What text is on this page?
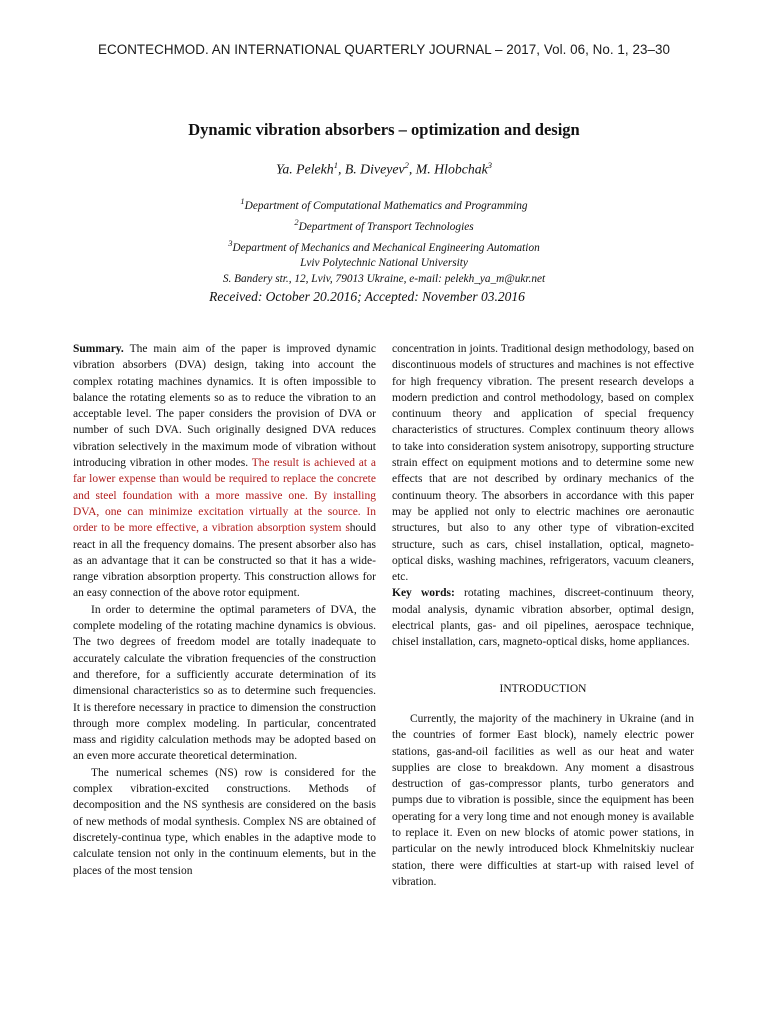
ECONTECHMOD. AN INTERNATIONAL QUARTERLY JOURNAL – 2017, Vol. 06, No. 1, 23–30
Dynamic vibration absorbers – optimization and design
Ya. Pelekh$^1$, B. Diveyev$^2$, M. Hlobchak$^3$
$^1$Department of Computational Mathematics and Programming
$^2$Department of Transport Technologies
$^3$Department of Mechanics and Mechanical Engineering Automation
Lviv Polytechnic National University
S. Bandery str., 12, Lviv, 79013 Ukraine, e-mail: pelekh_ya_m@ukr.net
Received: October 20.2016; Accepted: November 03.2016

Summary. The main aim of the paper is improved dynamic vibration absorbers (DVA) design, taking into account the complex rotating machines dynamics. It is often impossible to balance the rotating elements so as to reduce the vibration to an acceptable level. The paper considers the provision of DVA or number of such DVA. Such originally designed DVA reduces vibration selectively in the maximum mode of vibration without introducing vibration in other modes. The result is achieved at a far lower expense than would be required to replace the concrete and steel foundation with a more massive one. By installing DVA, one can minimize excitation virtually at the source. In order to be more effective, a vibration absorption system should react in all the frequency domains. The present absorber also has as an advantage that it can be constructed so that it has a wide-range vibration absorption property. This construction allows for an easy connection of the above rotor equipment.

In order to determine the optimal parameters of DVA, the complete modeling of the rotating machine dynamics is obvious. The two degrees of freedom model are totally inadequate to accurately calculate the vibration frequencies of the construction and therefore, for a sufficiently accurate determination of its dimensional characteristics so as to determine such frequencies. It is therefore necessary in practice to dimension the construction through more complex modeling. In particular, concentrated mass and rigidity calculation methods may be adopted based on an even more accurate theoretical determination.

The numerical schemes (NS) row is considered for the complex vibration-excited constructions. Methods of decomposition and the NS synthesis are considered on the basis of new methods of modal synthesis. Complex NS are obtained of discretely-continua type, which enables in the adaptive mode to calculate tension not only in the continuum elements, but in the places of the most tension

concentration in joints. Traditional design methodology, based on discontinuous models of structures and machines is not effective for high frequency vibration. The present research develops a modern prediction and control methodology, based on complex continuum theory and application of special frequency characteristics of structures. Complex continuum theory allows to take into consideration system anisotropy, supporting structure strain effect on equipment motions and to determine some new effects that are not described by ordinary mechanics of the continuum theory. The absorbers in accordance with this paper may be applied not only to electric machines ore aeronautic structures, but also to any other type of vibration-excited structure, such as cars, chisel installation, optical, magneto-optical disks, washing machines, refrigerators, vacuum cleaners, etc.

Key words: rotating machines, discreet-continuum theory, modal analysis, dynamic vibration absorber, optimal design, electrical plants, gas- and oil pipelines, aerospace technique, chisel installation, cars, magneto-optical disks, home appliances.

INTRODUCTION

Currently, the majority of the machinery in Ukraine (and in the countries of former East block), namely electric power stations, gas-and-oil facilities as well as our heat and water supplies are close to breakdown. Any moment a disastrous destruction of gas-compressor plants, turbo generators and pumps due to vibration is possible, since the equipment has been operating for a very long time and not enough money is available to replace it. Even on new blocks of atomic power stations, in particular on the newly introduced block Khmelnitskiy nuclear station, there were difficulties at start-up with raised level of vibration.
